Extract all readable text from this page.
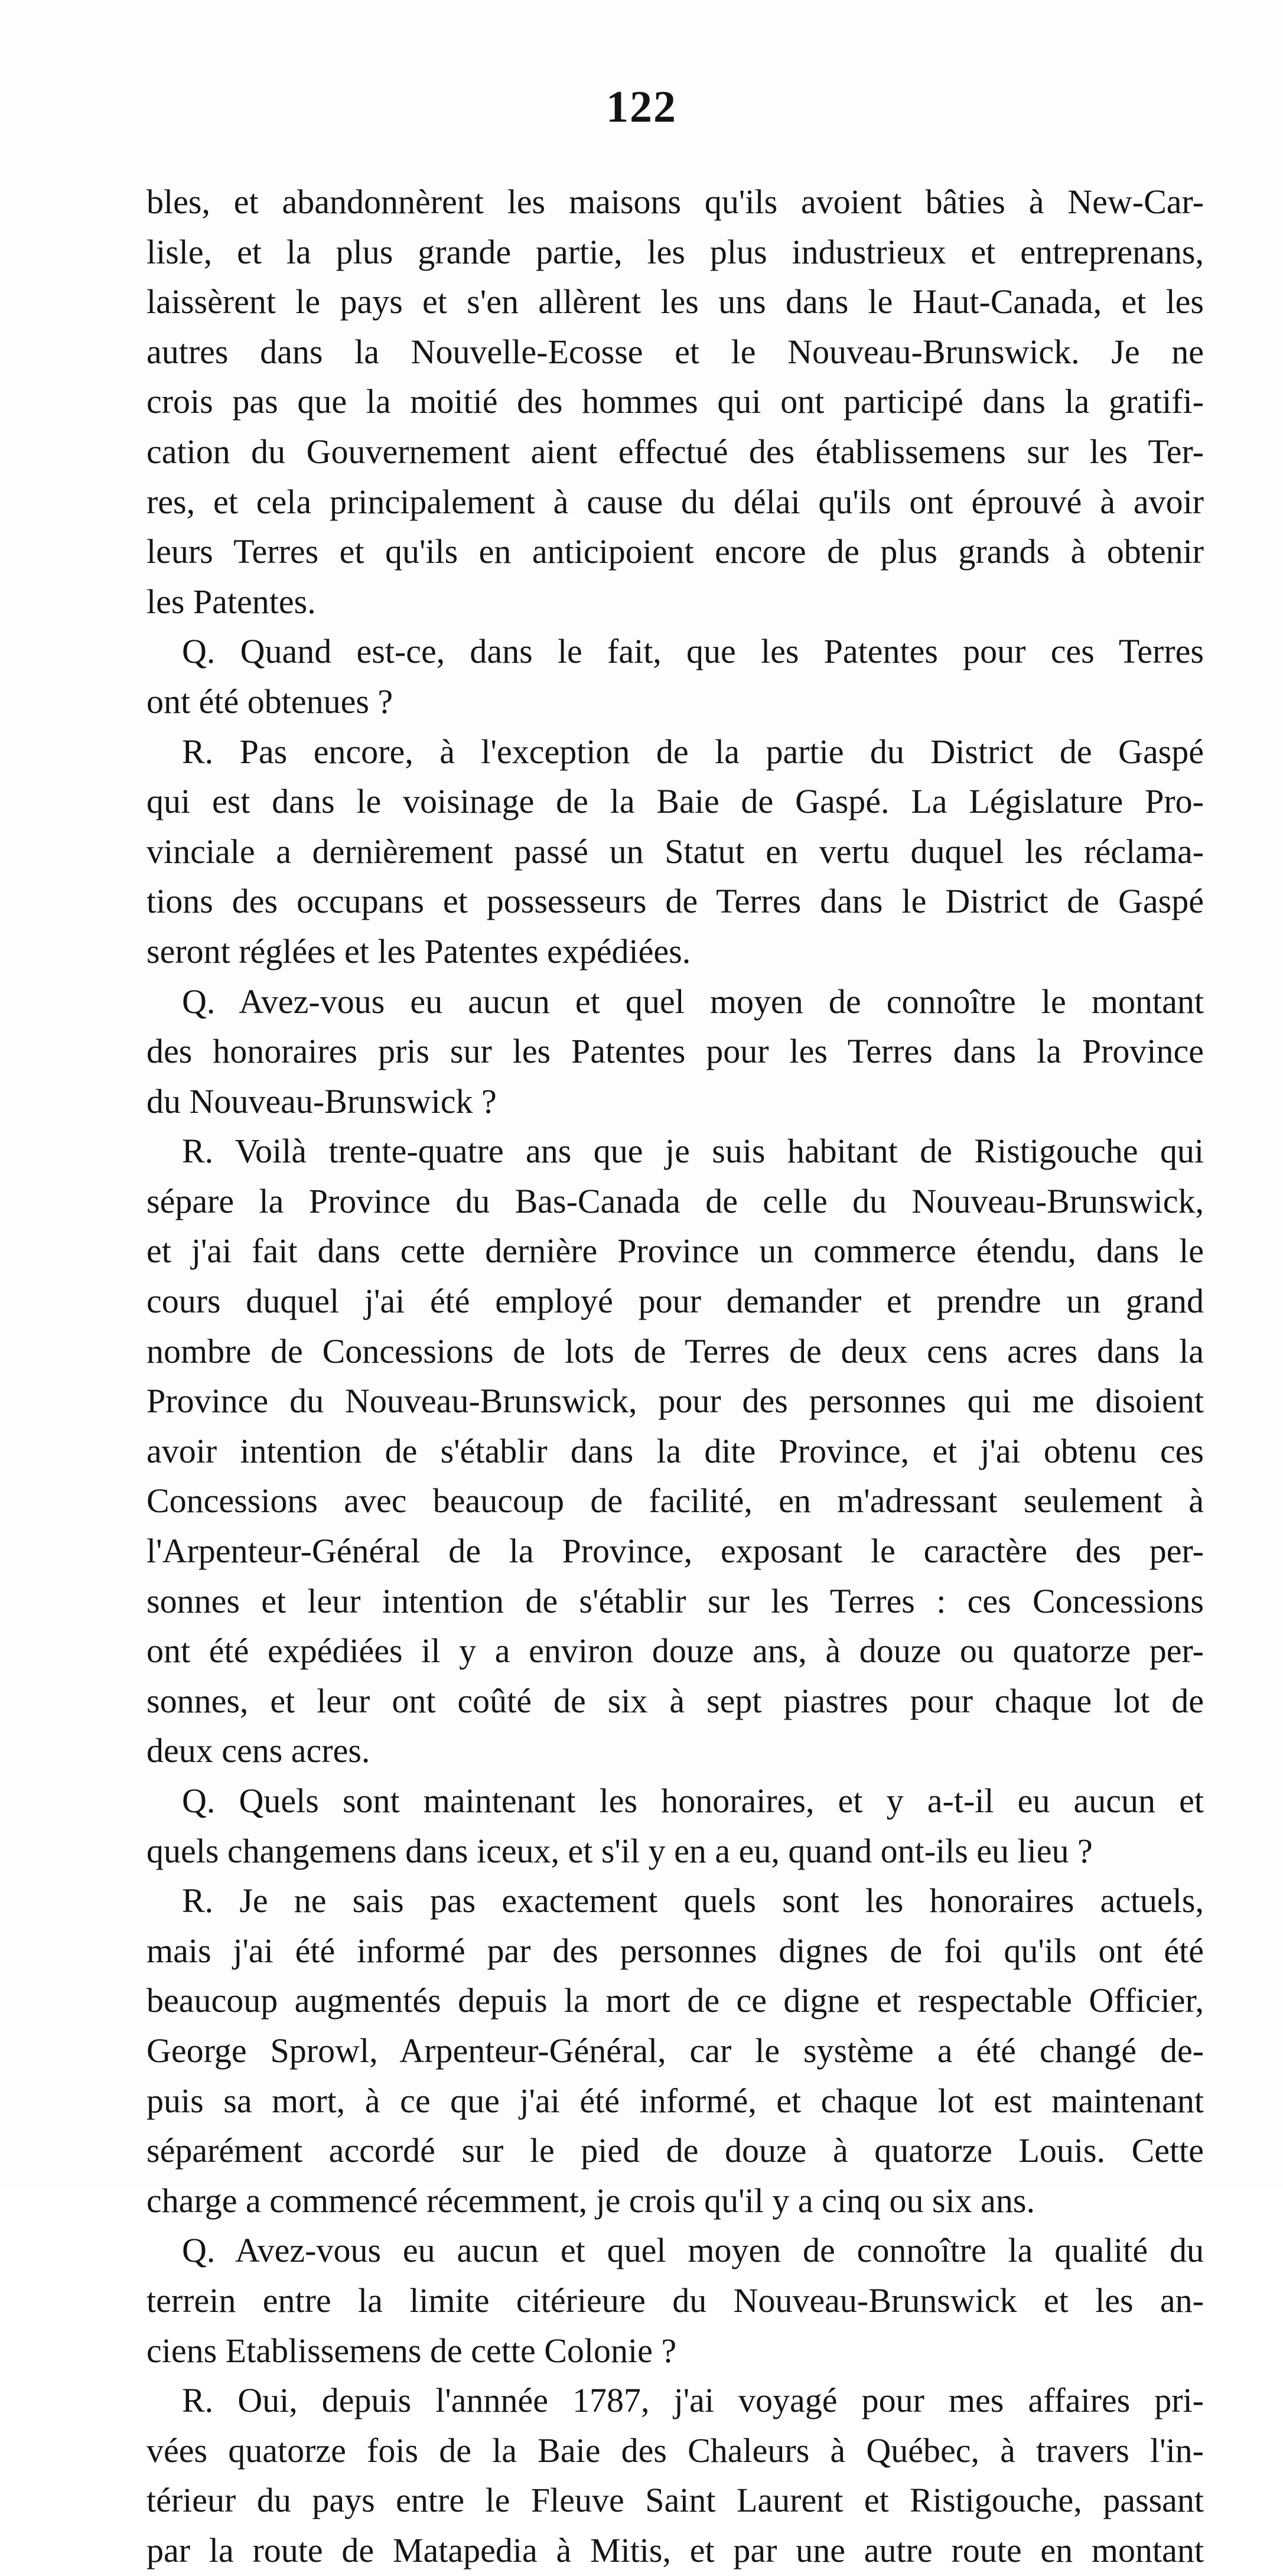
122
bles, et abandonnèrent les maisons qu'ils avoient bâties à New-Car-
lisle, et la plus grande partie, les plus industrieux et entreprenans,
laissèrent le pays et s'en allèrent les uns dans le Haut-Canada, et les
autres dans la Nouvelle-Ecosse et le Nouveau-Brunswick. Je ne
crois pas que la moitié des hommes qui ont participé dans la gratifi-
cation du Gouvernement aient effectué des établissemens sur les Ter-
res, et cela principalement à cause du délai qu'ils ont éprouvé à avoir
leurs Terres et qu'ils en anticipoient encore de plus grands à obtenir
les Patentes.
Q. Quand est-ce, dans le fait, que les Patentes pour ces Terres
ont été obtenues ?
R. Pas encore, à l'exception de la partie du District de Gaspé
qui est dans le voisinage de la Baie de Gaspé. La Législature Pro-
vinciale a dernièrement passé un Statut en vertu duquel les réclama-
tions des occupans et possesseurs de Terres dans le District de Gaspé
seront réglées et les Patentes expédiées.
Q. Avez-vous eu aucun et quel moyen de connoître le montant
des honoraires pris sur les Patentes pour les Terres dans la Province
du Nouveau-Brunswick ?
R. Voilà trente-quatre ans que je suis habitant de Ristigouche qui
sépare la Province du Bas-Canada de celle du Nouveau-Brunswick,
et j'ai fait dans cette dernière Province un commerce étendu, dans le
cours duquel j'ai été employé pour demander et prendre un grand
nombre de Concessions de lots de Terres de deux cens acres dans la
Province du Nouveau-Brunswick, pour des personnes qui me disoient
avoir intention de s'établir dans la dite Province, et j'ai obtenu ces
Concessions avec beaucoup de facilité, en m'adressant seulement à
l'Arpenteur-Général de la Province, exposant le caractère des per-
sonnes et leur intention de s'établir sur les Terres : ces Concessions
ont été expédiées il y a environ douze ans, à douze ou quatorze per-
sonnes, et leur ont coûté de six à sept piastres pour chaque lot de
deux cens acres.
Q. Quels sont maintenant les honoraires, et y a-t-il eu aucun et
quels changemens dans iceux, et s'il y en a eu, quand ont-ils eu lieu ?
R. Je ne sais pas exactement quels sont les honoraires actuels,
mais j'ai été informé par des personnes dignes de foi qu'ils ont été
beaucoup augmentés depuis la mort de ce digne et respectable Officier,
George Sprowl, Arpenteur-Général, car le système a été changé de-
puis sa mort, à ce que j'ai été informé, et chaque lot est maintenant
séparément accordé sur le pied de douze à quatorze Louis. Cette
charge a commencé récemment, je crois qu'il y a cinq ou six ans.
Q. Avez-vous eu aucun et quel moyen de connoître la qualité du
terrein entre la limite citérieure du Nouveau-Brunswick et les an-
ciens Etablissemens de cette Colonie ?
R. Oui, depuis l'annnée 1787, j'ai voyagé pour mes affaires pri-
vées quatorze fois de la Baie des Chaleurs à Québec, à travers l'in-
térieur du pays entre le Fleuve Saint Laurent et Ristigouche, passant
par la route de Matapedia à Mitis, et par une autre route en montant
